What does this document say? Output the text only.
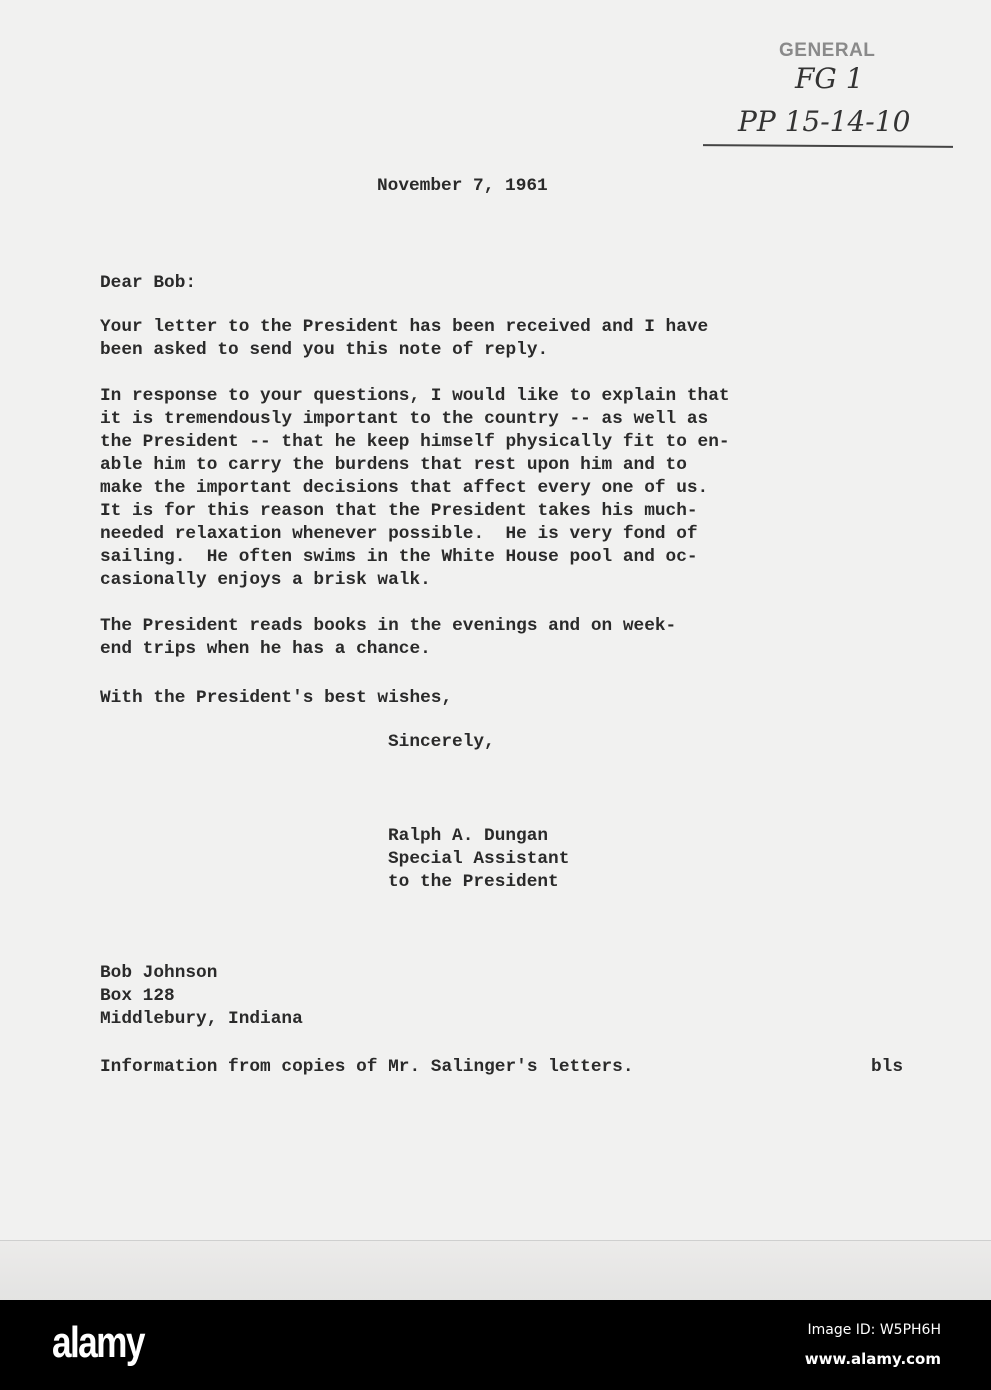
GENERAL
FG 1
PP 15-14-10
November 7, 1961
Dear Bob:
Your letter to the President has been received and I have
been asked to send you this note of reply.
In response to your questions, I would like to explain that
it is tremendously important to the country -- as well as
the President -- that he keep himself physically fit to en-
able him to carry the burdens that rest upon him and to
make the important decisions that affect every one of us.
It is for this reason that the President takes his much-
needed relaxation whenever possible.  He is very fond of
sailing.  He often swims in the White House pool and oc-
casionally enjoys a brisk walk.
The President reads books in the evenings and on week-
end trips when he has a chance.
With the President's best wishes,
Sincerely,
Ralph A. Dungan
Special Assistant
to the President
Bob Johnson
Box 128
Middlebury, Indiana
Information from copies of Mr. Salinger's letters.	bls
alamy	Image ID: W5PH6H
www.alamy.com
